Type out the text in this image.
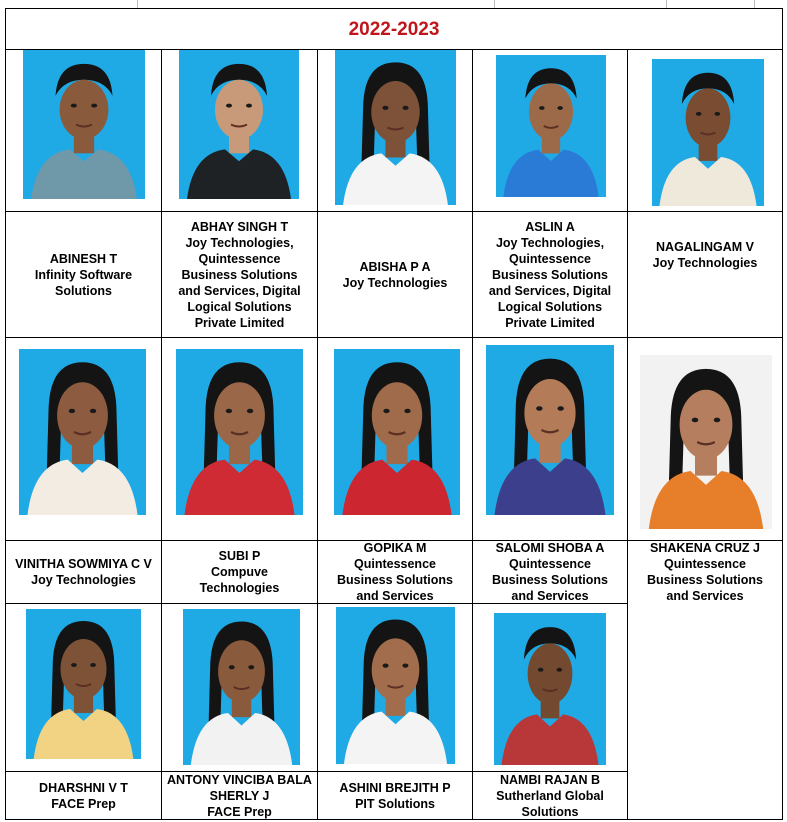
2022-2023
ABINESH T
Infinity Software Solutions
ABHAY SINGH T
Joy Technologies, Quintessence Business Solutions and Services, Digital Logical Solutions Private Limited
ABISHA P A
Joy Technologies
ASLIN A
Joy Technologies, Quintessence Business Solutions and Services, Digital Logical Solutions Private Limited
NAGALINGAM V
Joy Technologies
VINITHA SOWMIYA C V
Joy Technologies
SUBI P
Compuve Technologies
GOPIKA M
Quintessence Business Solutions and Services
SALOMI SHOBA A
Quintessence Business Solutions and Services
SHAKENA CRUZ J
Quintessence Business Solutions and Services
DHARSHNI V T
FACE Prep
ANTONY VINCIBA BALA SHERLY J
FACE Prep
ASHINI BREJITH P
PIT Solutions
NAMBI RAJAN B
Sutherland Global Solutions
